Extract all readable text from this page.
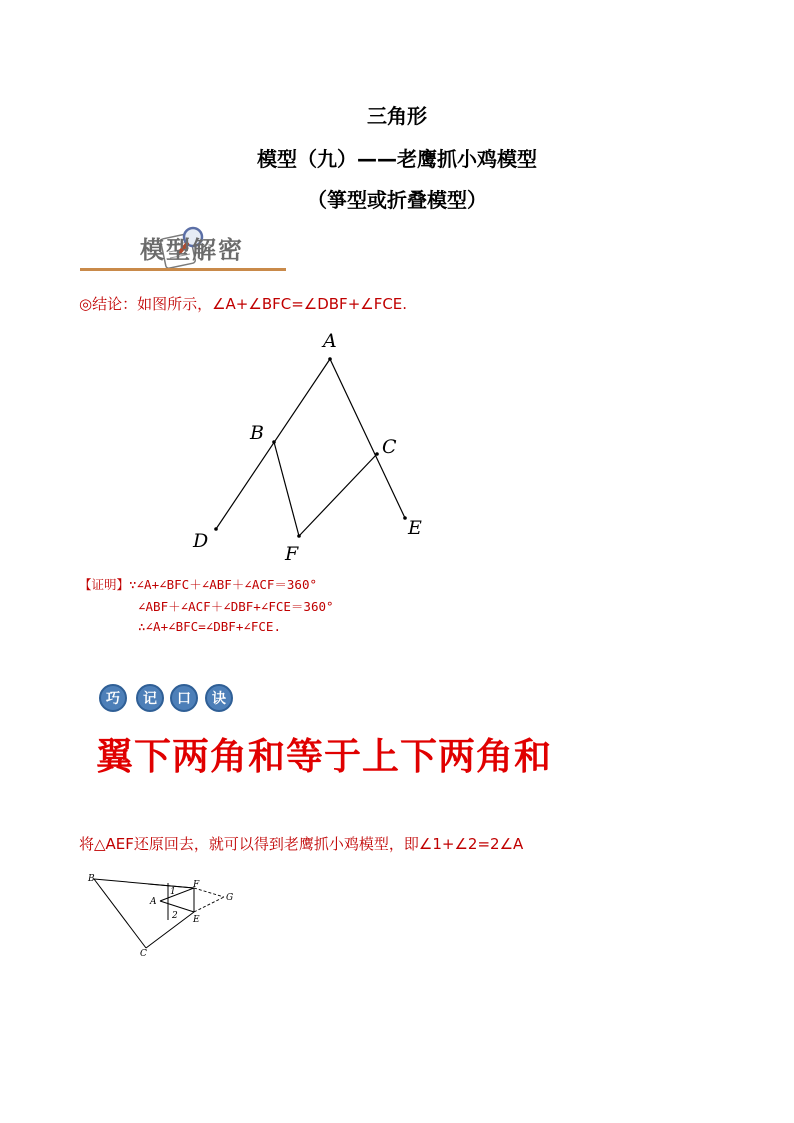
三角形
模型（九）——老鹰抓小鸡模型
（箏型或折叠模型）
模型解密
◎结论：如图所示，∠A+∠BFC=∠DBF+∠FCE.
A
B
C
D
E
F
【证明】∵∠A+∠BFC＋∠ABF＋∠ACF＝360°
∠ABF＋∠ACF＋∠DBF+∠FCE＝360°
∴∠A+∠BFC=∠DBF+∠FCE.
巧	记	口	诀
翼下两角和等于上下两角和
将△AEF还原回去，就可以得到老鹰抓小鸡模型，即∠1+∠2=2∠A
B
C
A
F
E
G
1
2
